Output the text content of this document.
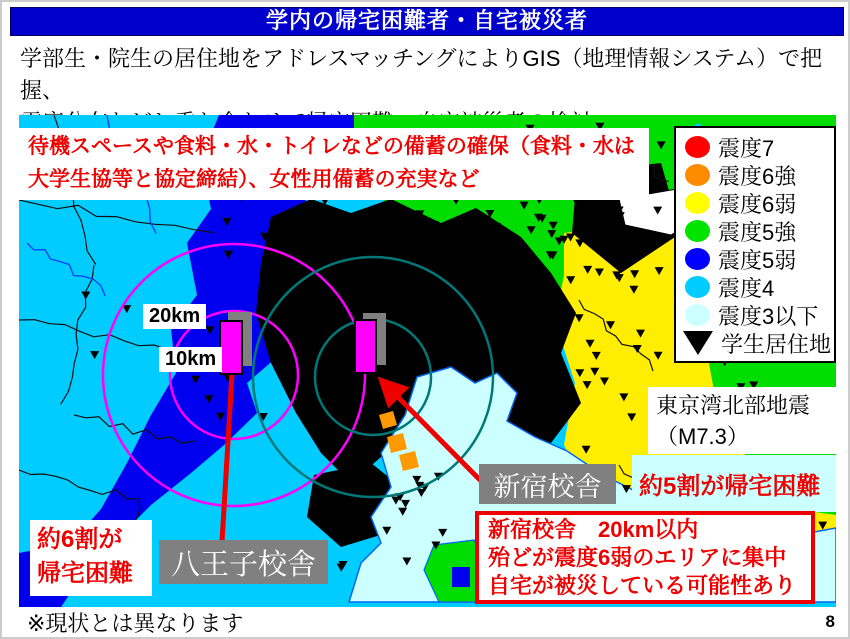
学内の帰宅困難者・自宅被災者
学部生・院生の居住地をアドレスマッチングによりGIS（地理情報システム）で把握、
待機スペースや食料・水・トイレなどの備蓄の確保（食料・水は
大学生協等と協定締結）、女性用備蓄の充実など
震度7
震度6強
震度6弱
震度5強
震度5弱
震度4
震度3以下
学生居住地
20km
10km
東京湾北部地震
（M7.3）
約5割が帰宅困難
新宿校舎
八王子校舎
新宿校舎　20km以内
殆どが震度6弱のエリアに集中
自宅が被災している可能性あり
約6割が
帰宅困難
※現状とは異なります	8
